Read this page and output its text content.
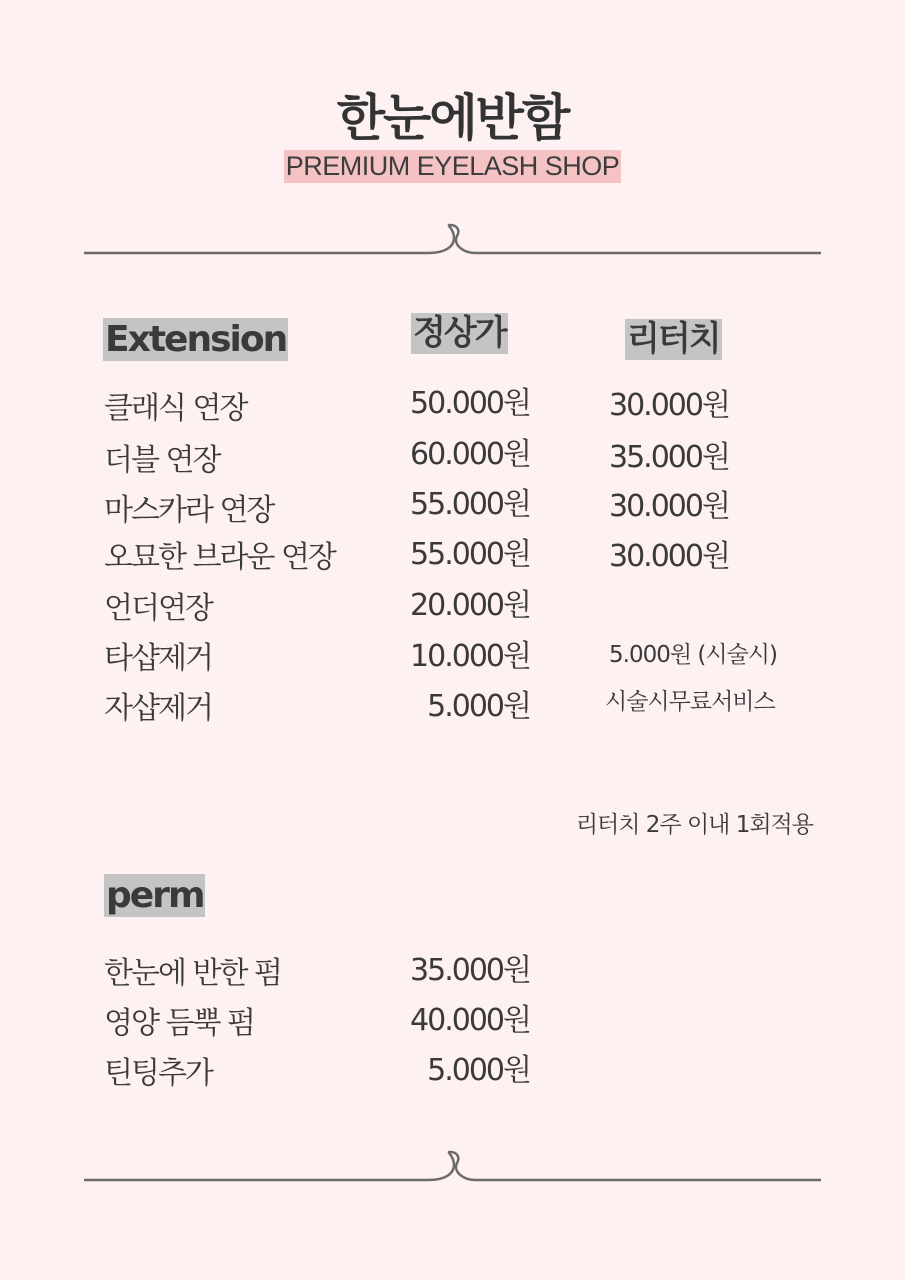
한눈에반함
PREMIUM EYELASH SHOP
Extension	정상가	리터치
클래식 연장	50.000원	30.000원
더블 연장	60.000원	35.000원
마스카라 연장	55.000원	30.000원
오묘한 브라운 연장	55.000원	30.000원
언더연장	20.000원
타샵제거	10.000원	5.000원 (시술시)
자샵제거	5.000원	시술시무료서비스
리터치 2주 이내 1회적용
perm
한눈에 반한 펌	35.000원
영양 듬뿍 펌	40.000원
틴팅추가	5.000원
